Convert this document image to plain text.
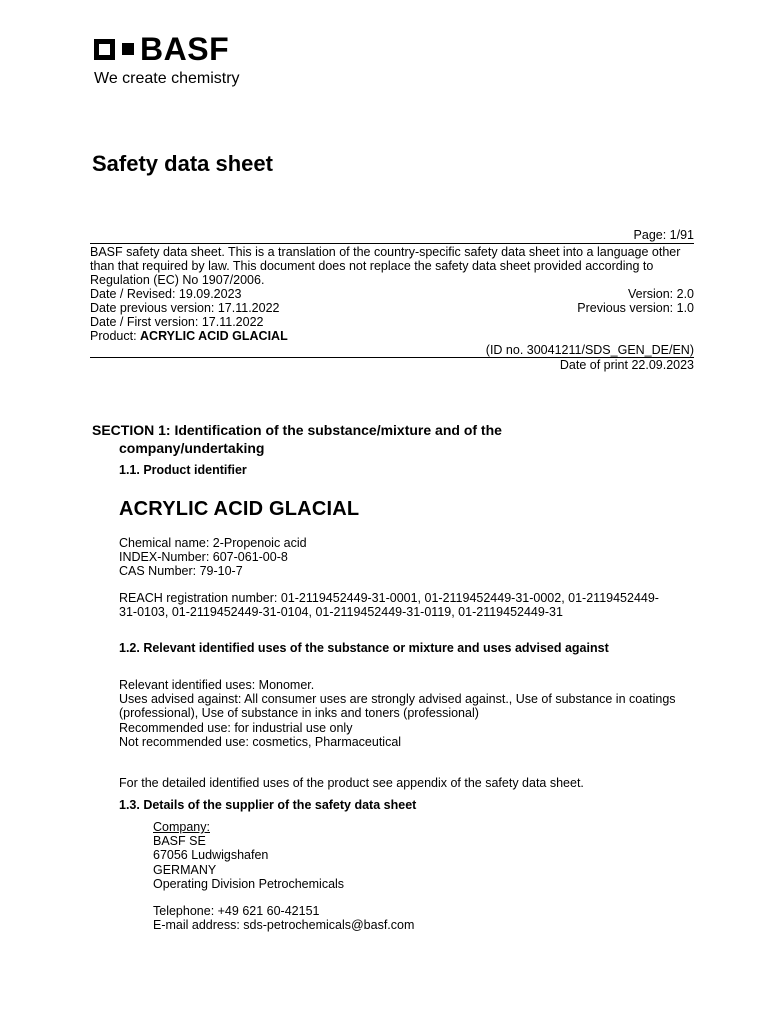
BASF
We create chemistry
Safety data sheet
Page: 1/91
BASF safety data sheet. This is a translation of the country-specific safety data sheet into a language other than that required by law. This document does not replace the safety data sheet provided according to Regulation (EC) No 1907/2006.
Date / Revised: 19.09.2023	Version: 2.0
Date previous version: 17.11.2022	Previous version: 1.0
Date / First version: 17.11.2022
Product: ACRYLIC ACID GLACIAL
(ID no. 30041211/SDS_GEN_DE/EN)
Date of print 22.09.2023
SECTION 1: Identification of the substance/mixture and of the
company/undertaking
1.1. Product identifier
ACRYLIC ACID GLACIAL
Chemical name: 2-Propenoic acid
INDEX-Number: 607-061-00-8
CAS Number: 79-10-7
REACH registration number: 01-2119452449-31-0001, 01-2119452449-31-0002, 01-2119452449-
31-0103, 01-2119452449-31-0104, 01-2119452449-31-0119, 01-2119452449-31
1.2. Relevant identified uses of the substance or mixture and uses advised against
Relevant identified uses: Monomer.
Uses advised against: All consumer uses are strongly advised against., Use of substance in coatings
(professional), Use of substance in inks and toners (professional)
Recommended use: for industrial use only
Not recommended use: cosmetics, Pharmaceutical
For the detailed identified uses of the product see appendix of the safety data sheet.
1.3. Details of the supplier of the safety data sheet
Company:
BASF SE
67056 Ludwigshafen
GERMANY
Operating Division Petrochemicals
Telephone: +49 621 60-42151
E-mail address: sds-petrochemicals@basf.com
